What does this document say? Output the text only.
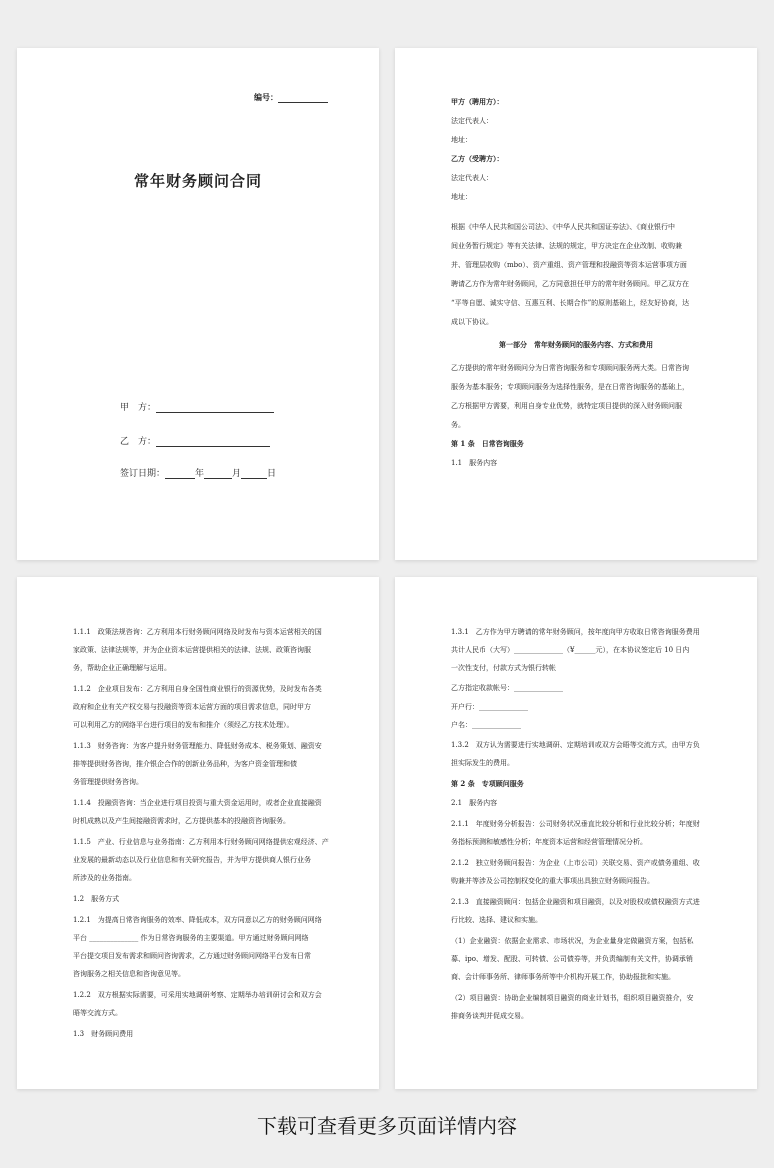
编号：
常年财务顾问合同
甲　方：
乙　方：
签订日期：	年	月	日
甲方（聘用方）：
法定代表人：
地址：
乙方（受聘方）：
法定代表人：
地址：
根据《中华人民共和国公司法》、《中华人民共和国证券法》、《商业银行中
间业务暂行规定》等有关法律、法规的规定，甲方决定在企业改制、收购兼
并、管理层收购（mbo）、资产重组、资产管理和投融资等资本运营事项方面
聘请乙方作为常年财务顾问，乙方同意担任甲方的常年财务顾问。甲乙双方在
“平等自愿、诚实守信、互惠互利、长期合作”的原则基础上，经友好协商，达
成以下协议。
第一部分　常年财务顾问的服务内容、方式和费用
乙方提供的常年财务顾问分为日常咨询服务和专项顾问服务两大类。日常咨询
服务为基本服务；专项顾问服务为选择性服务，是在日常咨询服务的基础上，
乙方根据甲方需要，利用自身专业优势，就特定项目提供的深入财务顾问服
务。
第 1 条　日常咨询服务
1.1　服务内容
1.1.1　政策法规咨询：乙方利用本行财务顾问网络及时发布与资本运营相关的国
家政策、法律法规等，并为企业资本运营提供相关的法律、法规、政策咨询服
务，帮助企业正确理解与运用。
1.1.2　企业项目发布：乙方利用自身全国性商业银行的资源优势，及时发布各类
政府和企业有关产权交易与投融资等资本运营方面的项目需求信息，同时甲方
可以利用乙方的网络平台进行项目的发布和推介（须经乙方技术处理）。
1.1.3　财务咨询：为客户提升财务管理能力、降低财务成本、税务策划、融资安
排等提供财务咨询，推介银企合作的创新业务品种，为客户资金管理和债
务管理提供财务咨询。
1.1.4　投融资咨询：当企业进行项目投资与重大资金运用时，或者企业直接融资
时机成熟以及产生间接融资需求时，乙方提供基本的投融资咨询服务。
1.1.5　产业、行业信息与业务指南：乙方利用本行财务顾问网络提供宏观经济、产
业发展的最新动态以及行业信息和有关研究报告，并为甲方提供商人银行业务
所涉及的业务指南。
1.2　服务方式
1.2.1　为提高日常咨询服务的效率、降低成本，双方同意以乙方的财务顾问网络
平台 ______________ 作为日常咨询服务的主要渠道。甲方通过财务顾问网络
平台提交项目发布需求和顾问咨询需求，乙方通过财务顾问网络平台发布日常
咨询服务之相关信息和咨询意见等。
1.2.2　双方根据实际需要，可采用实地调研考察、定期举办培训研讨会和双方会
晤等交流方式。
1.3　财务顾问费用
1.3.1　乙方作为甲方聘请的常年财务顾问，按年度向甲方收取日常咨询服务费用
共计人民币（大写）______________（¥______元），在本协议签定后 10 日内
一次性支付，付款方式为银行转帐
乙方指定收款帐号：______________
开户行：______________
户名：______________
1.3.2　双方认为需要进行实地调研、定期培训或双方会晤等交流方式，由甲方负
担实际发生的费用。
第 2 条　专项顾问服务
2.1　服务内容
2.1.1　年度财务分析报告：公司财务状况垂直比较分析和行业比较分析；年度财
务指标预测和敏感性分析；年度资本运营和经营管理情况分析。
2.1.2　独立财务顾问报告：为企业（上市公司）关联交易、资产或债务重组、收
购兼并等涉及公司控制权变化的重大事项出具独立财务顾问报告。
2.1.3　直接融资顾问：包括企业融资和项目融资，以及对股权或债权融资方式进
行比较、选择、建议和实施。
（1）企业融资：依据企业需求、市场状况，为企业量身定做融资方案，包括私
募、ipo、增发、配股、可转债、公司债券等，并负责编制有关文件，协调承销
商、会计师事务所、律师事务所等中介机构开展工作，协助报批和实施。
（2）项目融资：协助企业编制项目融资的商业计划书，组织项目融资推介，安
排商务谈判并促成交易。
下载可查看更多页面详情内容
